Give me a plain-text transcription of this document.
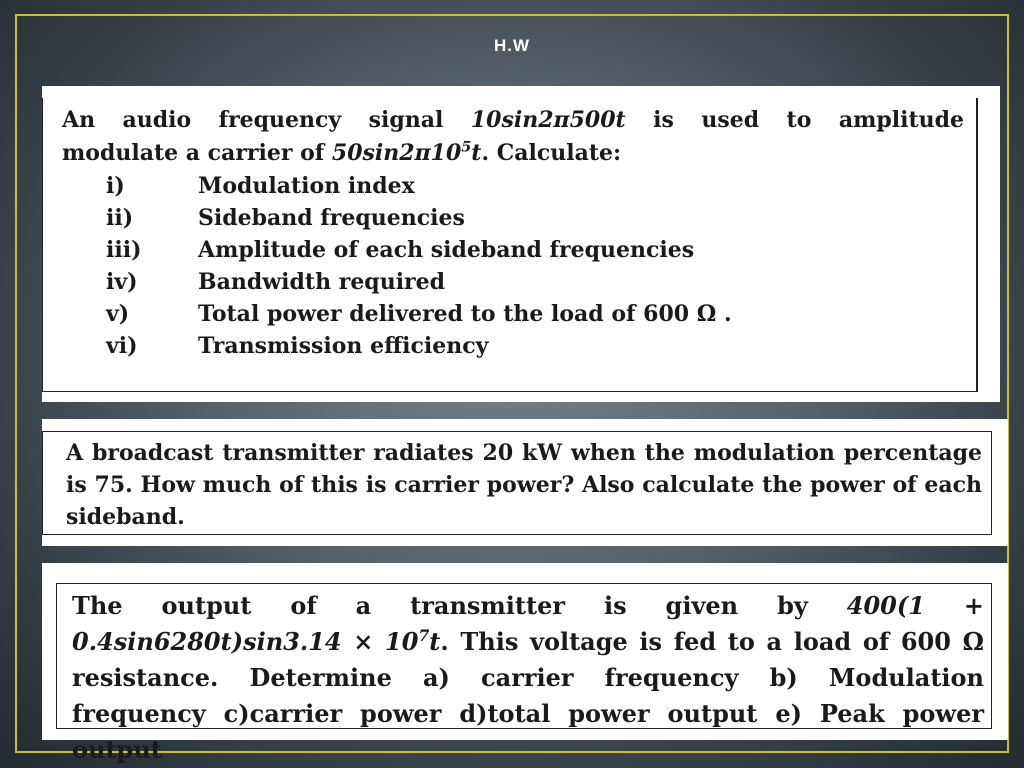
H.W
An audio frequency signal 10sin2π500t is used to amplitude
modulate a carrier of $50\sin 2\pi 10^5t$. Calculate:
i)	Modulation index
ii)	Sideband frequencies
iii)	Amplitude of each sideband frequencies
iv)	Bandwidth required
v)	Total power delivered to the load of 600 Ω .
vi)	Transmission efficiency
A broadcast transmitter radiates 20 kW when the modulation percentage is 75. How much of this is carrier power? Also calculate the power of each sideband.
The output of a transmitter is given by $400(1 + 0.4\sin 6280t)\sin 3.14 \times 10^7t$. This voltage is fed to a load of 600 Ω resistance. Determine a) carrier frequency b) Modulation frequency c)carrier power d)total power output e) Peak power output
